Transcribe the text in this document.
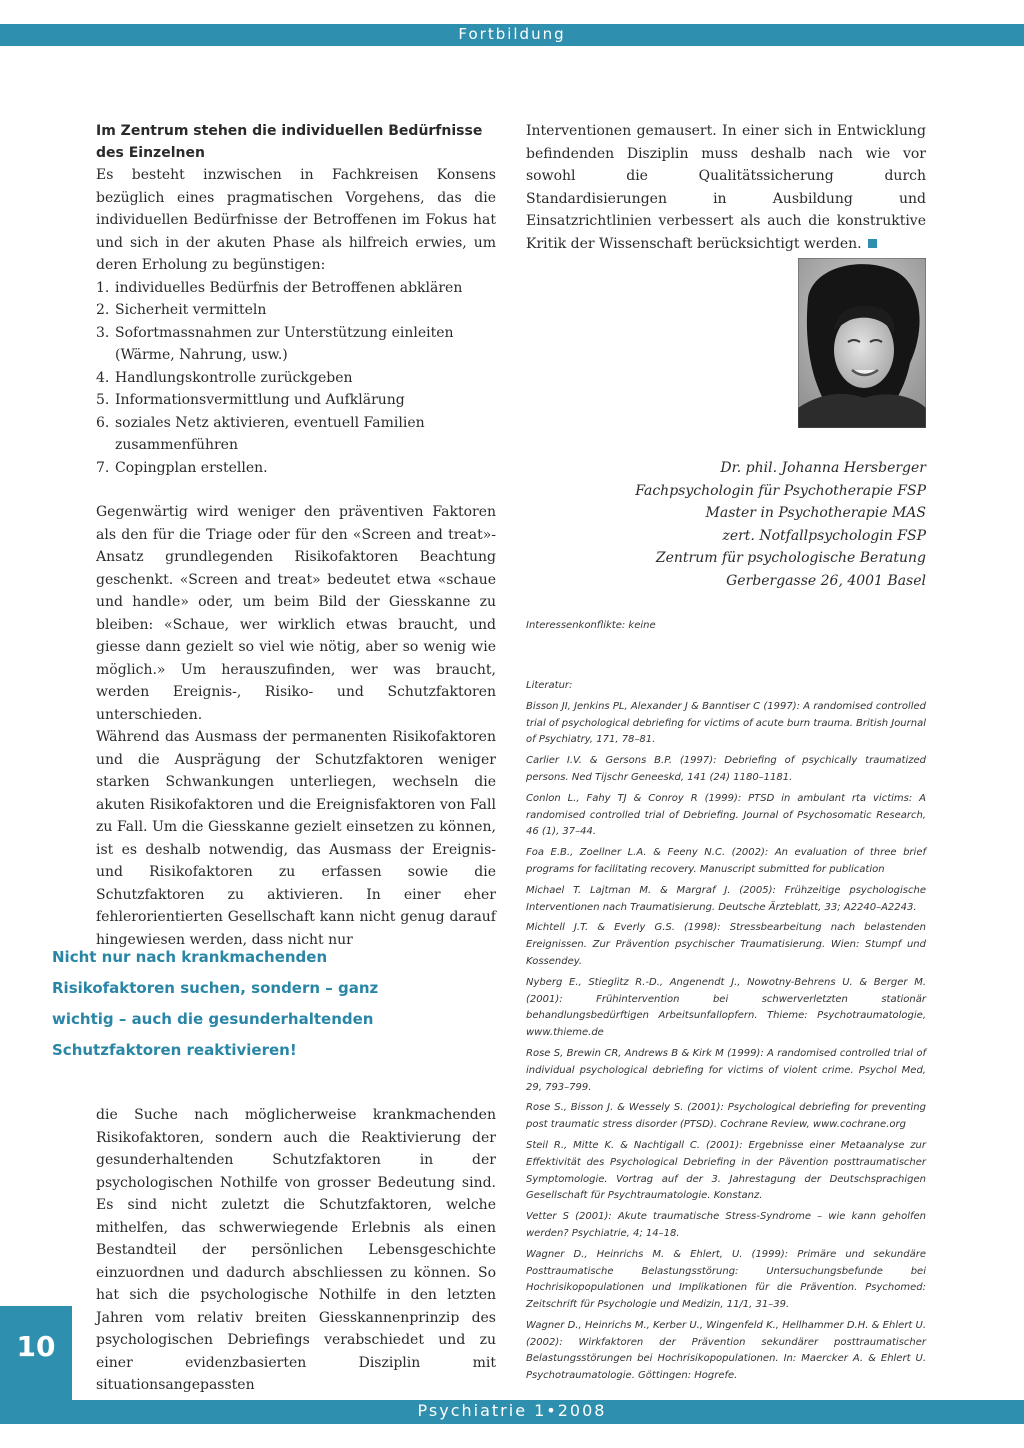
Fortbildung
Im Zentrum stehen die individuellen Bedürfnisse des Einzelnen

Es besteht inzwischen in Fachkreisen Konsens bezüglich eines pragmatischen Vorgehens, das die individuellen Bedürfnisse der Betroffenen im Fokus hat und sich in der akuten Phase als hilfreich erwies, um deren Erholung zu begünstigen:

1. individuelles Bedürfnis der Betroffenen abklären
2. Sicherheit vermitteln
3. Sofortmassnahmen zur Unterstützung einleiten (Wärme, Nahrung, usw.)
4. Handlungskontrolle zurückgeben
5. Informationsvermittlung und Aufklärung
6. soziales Netz aktivieren, eventuell Familien zusammenführen
7. Copingplan erstellen.

Gegenwärtig wird weniger den präventiven Faktoren als den für die Triage oder für den «Screen and treat»-Ansatz grundlegenden Risikofaktoren Beachtung geschenkt. «Screen and treat» bedeutet etwa «schaue und handle» oder, um beim Bild der Giesskanne zu bleiben: «Schaue, wer wirklich etwas braucht, und giesse dann gezielt so viel wie nötig, aber so wenig wie möglich.» Um herauszufinden, wer was braucht, werden Ereignis-, Risiko- und Schutzfaktoren unterschieden.

Während das Ausmass der permanenten Risikofaktoren und die Ausprägung der Schutzfaktoren weniger starken Schwankungen unterliegen, wechseln die akuten Risikofaktoren und die Ereignisfaktoren von Fall zu Fall. Um die Giesskanne gezielt einsetzen zu können, ist es deshalb notwendig, das Ausmass der Ereignis- und Risikofaktoren zu erfassen sowie die Schutzfaktoren zu aktivieren. In einer eher fehlerorientierten Gesellschaft kann nicht genug darauf hingewiesen werden, dass nicht nur

Nicht nur nach krankmachenden
Risikofaktoren suchen, sondern – ganz
wichtig – auch die gesunderhaltenden
Schutzfaktoren reaktivieren!

die Suche nach möglicherweise krankmachenden Risikofaktoren, sondern auch die Reaktivierung der gesunderhaltenden Schutzfaktoren in der psychologischen Nothilfe von grosser Bedeutung sind. Es sind nicht zuletzt die Schutzfaktoren, welche mithelfen, das schwerwiegende Erlebnis als einen Bestandteil der persönlichen Lebensgeschichte einzuordnen und dadurch abschliessen zu können. So hat sich die psychologische Nothilfe in den letzten Jahren vom relativ breiten Giesskannenprinzip des psychologischen Debriefings verabschiedet und zu einer evidenzbasierten Disziplin mit situationsangepassten

Interventionen gemausert. In einer sich in Entwicklung befindenden Disziplin muss deshalb nach wie vor sowohl die Qualitätssicherung durch Standardisierungen in Ausbildung und Einsatzrichtlinien verbessert als auch die konstruktive Kritik der Wissenschaft berücksichtigt werden.

Dr. phil. Johanna Hersberger
Fachpsychologin für Psychotherapie FSP
Master in Psychotherapie MAS
zert. Notfallpsychologin FSP
Zentrum für psychologische Beratung
Gerbergasse 26, 4001 Basel
Interessenkonflikte: keine

Literatur:

Bisson JI, Jenkins PL, Alexander J & Banntiser C (1997): A randomised controlled trial of psychological debriefing for victims of acute burn trauma. British Journal of Psychiatry, 171, 78–81.

Carlier I.V. & Gersons B.P. (1997): Debriefing of psychically traumatized persons. Ned Tijschr Geneeskd, 141 (24) 1180–1181.

Conlon L., Fahy TJ & Conroy R (1999): PTSD in ambulant rta victims: A randomised controlled trial of Debriefing. Journal of Psychosomatic Research, 46 (1), 37–44.

Foa E.B., Zoellner L.A. & Feeny N.C. (2002): An evaluation of three brief programs for facilitating recovery. Manuscript submitted for publication

Michael T. Lajtman M. & Margraf J. (2005): Frühzeitige psychologische Interventionen nach Traumatisierung. Deutsche Ärzteblatt, 33; A2240–A2243.

Michtell J.T. & Everly G.S. (1998): Stressbearbeitung nach belastenden Ereignissen. Zur Prävention psychischer Traumatisierung. Wien: Stumpf und Kossendey.

Nyberg E., Stieglitz R.-D., Angenendt J., Nowotny-Behrens U. & Berger M. (2001): Frühintervention bei schwerverletzten stationär behandlungsbedürftigen Arbeitsunfallopfern. Thieme: Psychotraumatologie, www.thieme.de

Rose S, Brewin CR, Andrews B & Kirk M (1999): A randomised controlled trial of individual psychological debriefing for victims of violent crime. Psychol Med, 29, 793–799.

Rose S., Bisson J. & Wessely S. (2001): Psychological debriefing for preventing post traumatic stress disorder (PTSD). Cochrane Review, www.cochrane.org

Steil R., Mitte K. & Nachtigall C. (2001): Ergebnisse einer Metaanalyse zur Effektivität des Psychological Debriefing in der Pävention posttraumatischer Symptomologie. Vortrag auf der 3. Jahrestagung der Deutschsprachigen Gesellschaft für Psychtraumatologie. Konstanz.

Vetter S (2001): Akute traumatische Stress-Syndrome – wie kann geholfen werden? Psychiatrie, 4; 14–18.

Wagner D., Heinrichs M. & Ehlert, U. (1999): Primäre und sekundäre Posttraumatische Belastungsstörung: Untersuchungsbefunde bei Hochrisikopopulationen und Implikationen für die Prävention. Psychomed: Zeitschrift für Psychologie und Medizin, 11/1, 31–39.

Wagner D., Heinrichs M., Kerber U., Wingenfeld K., Hellhammer D.H. & Ehlert U. (2002): Wirkfaktoren der Prävention sekundärer posttraumatischer Belastungsstörungen bei Hochrisikopopulationen. In: Maercker A. & Ehlert U. Psychotraumatologie. Göttingen: Hogrefe.

10
Psychiatrie 1•2008
